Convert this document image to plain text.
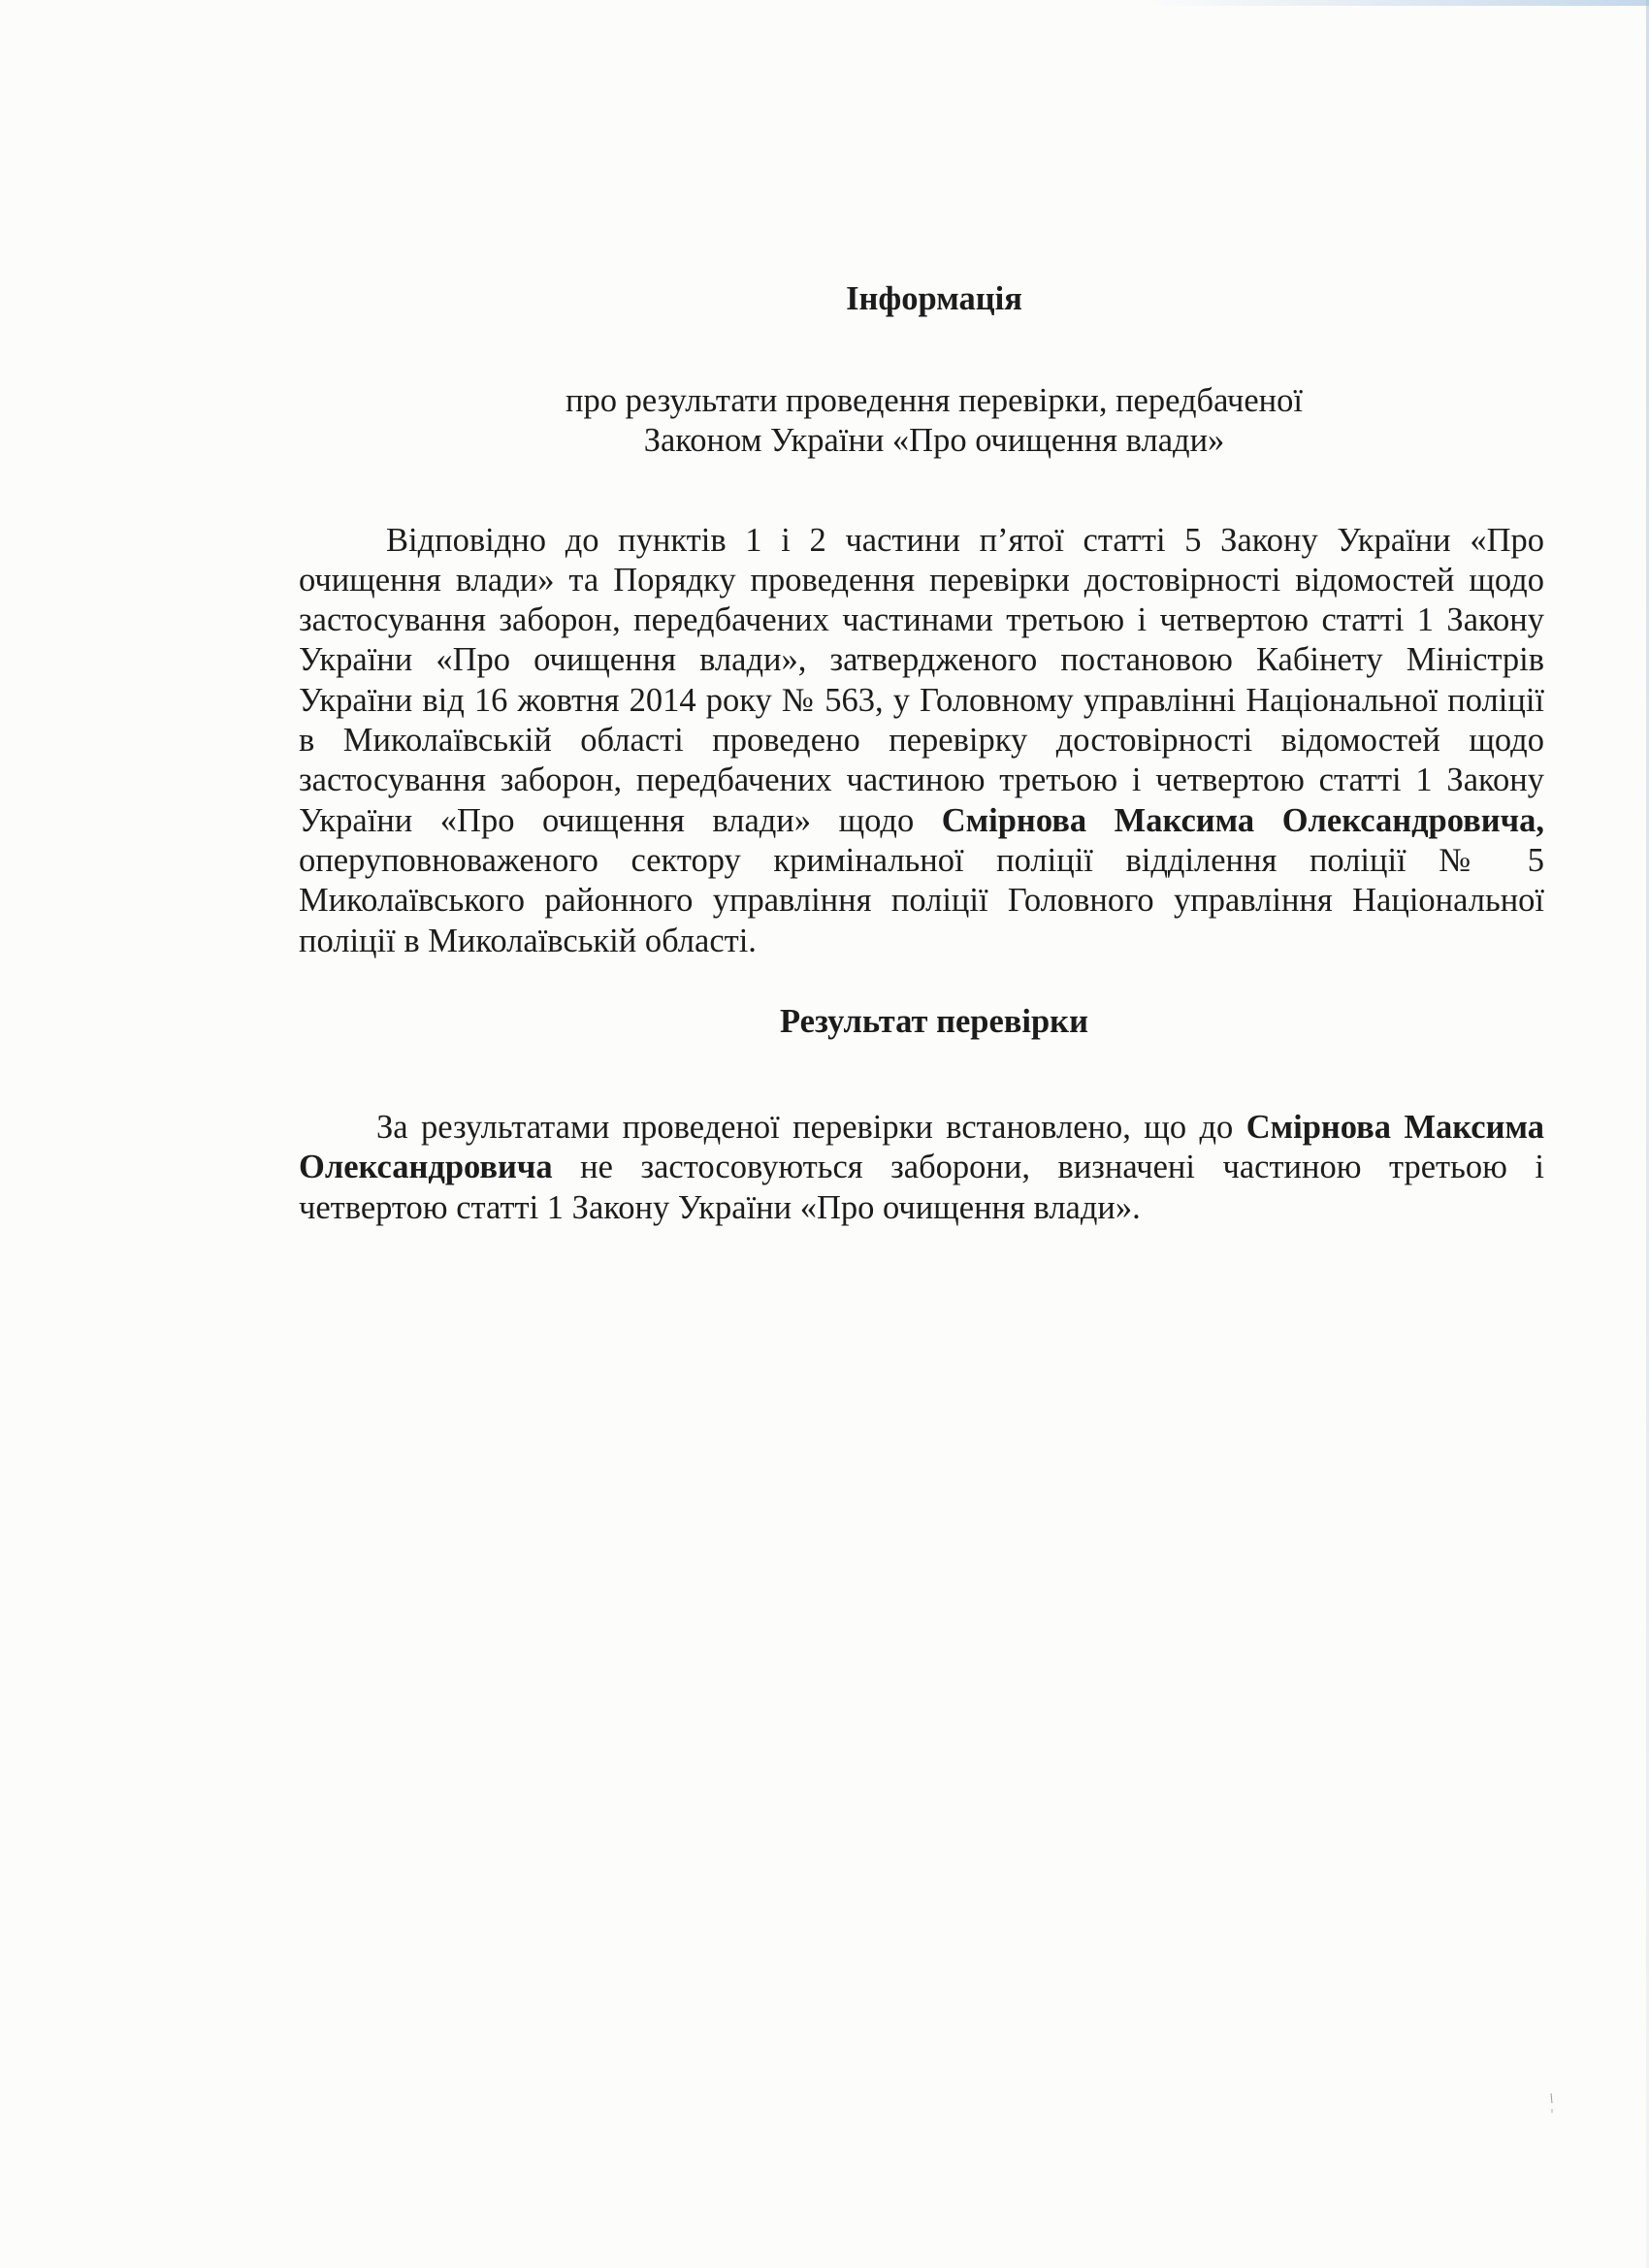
Інформація

про результати проведення перевірки, передбаченої
Законом України «Про очищення влади»

Відповідно до пунктів 1 і 2 частини п’ятої статті 5 Закону України «Про очищення влади» та Порядку проведення перевірки достовірності відомостей щодо застосування заборон, передбачених частинами третьою і четвертою статті 1 Закону України «Про очищення влади», затвердженого постановою Кабінету Міністрів України від 16 жовтня 2014 року № 563, у Головному управлінні Національної поліції в Миколаївській області проведено перевірку достовірності відомостей щодо застосування заборон, передбачених частиною третьою і четвертою статті 1 Закону України «Про очищення влади» щодо Смірнова Максима Олександровича, оперуповноваженого сектору кримінальної поліції відділення поліції № 5 Миколаївського районного управління поліції Головного управління Національної поліції в Миколаївській області.

Результат перевірки

За результатами проведеної перевірки встановлено, що до Смірнова Максима Олександровича не застосовуються заборони, визначені частиною третьою і четвертою статті 1 Закону України «Про очищення влади».
